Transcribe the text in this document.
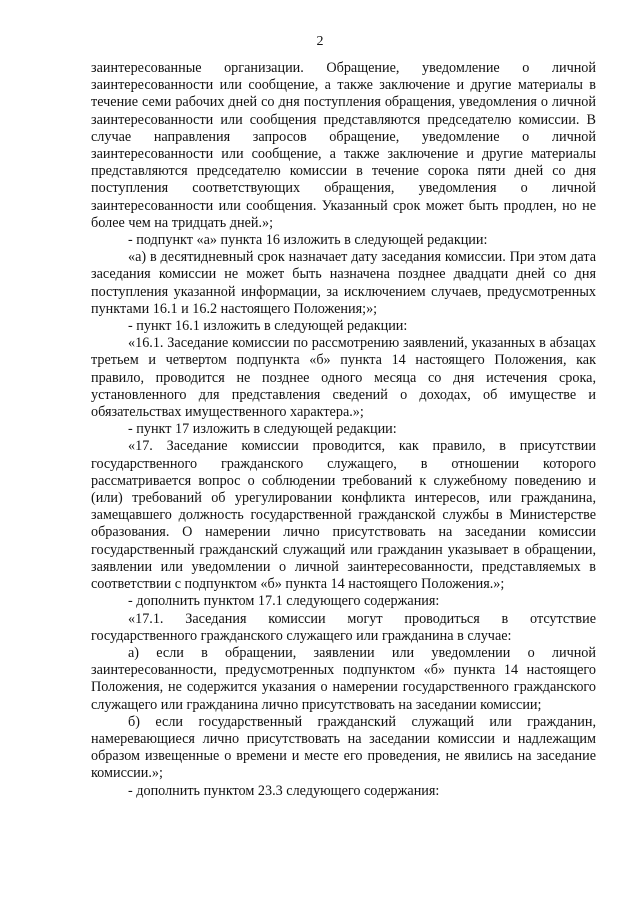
2

заинтересованные организации. Обращение, уведомление о личной заинтересованности или сообщение, а также заключение и другие материалы в течение семи рабочих дней со дня поступления обращения, уведомления о личной заинтересованности или сообщения представляются председателю комиссии. В случае направления запросов обращение, уведомление о личной заинтересованности или сообщение, а также заключение и другие материалы представляются председателю комиссии в течение сорока пяти дней со дня поступления соответствующих обращения, уведомления о личной заинтересованности или сообщения. Указанный срок может быть продлен, но не более чем на тридцать дней.»;

- подпункт «а» пункта 16 изложить в следующей редакции:

«а) в десятидневный срок назначает дату заседания комиссии. При этом дата заседания комиссии не может быть назначена позднее двадцати дней со дня поступления указанной информации, за исключением случаев, предусмотренных пунктами 16.1 и 16.2 настоящего Положения;»;

- пункт 16.1 изложить в следующей редакции:

«16.1. Заседание комиссии по рассмотрению заявлений, указанных в абзацах третьем и четвертом подпункта «б» пункта 14 настоящего Положения, как правило, проводится не позднее одного месяца со дня истечения срока, установленного для представления сведений о доходах, об имуществе и обязательствах имущественного характера.»;

- пункт 17 изложить в следующей редакции:

«17. Заседание комиссии проводится, как правило, в присутствии государственного гражданского служащего, в отношении которого рассматривается вопрос о соблюдении требований к служебному поведению и (или) требований об урегулировании конфликта интересов, или гражданина, замещавшего должность государственной гражданской службы в Министерстве образования. О намерении лично присутствовать на заседании комиссии государственный гражданский служащий или гражданин указывает в обращении, заявлении или уведомлении о личной заинтересованности, представляемых в соответствии с подпунктом «б» пункта 14 настоящего Положения.»;

- дополнить пунктом 17.1 следующего содержания:

«17.1. Заседания комиссии могут проводиться в отсутствие государственного гражданского служащего или гражданина в случае:

а) если в обращении, заявлении или уведомлении о личной заинтересованности, предусмотренных подпунктом «б» пункта 14 настоящего Положения, не содержится указания о намерении государственного гражданского служащего или гражданина лично присутствовать на заседании комиссии;

б) если государственный гражданский служащий или гражданин, намеревающиеся лично присутствовать на заседании комиссии и надлежащим образом извещенные о времени и месте его проведения, не явились на заседание комиссии.»;

- дополнить пунктом 23.3 следующего содержания:
